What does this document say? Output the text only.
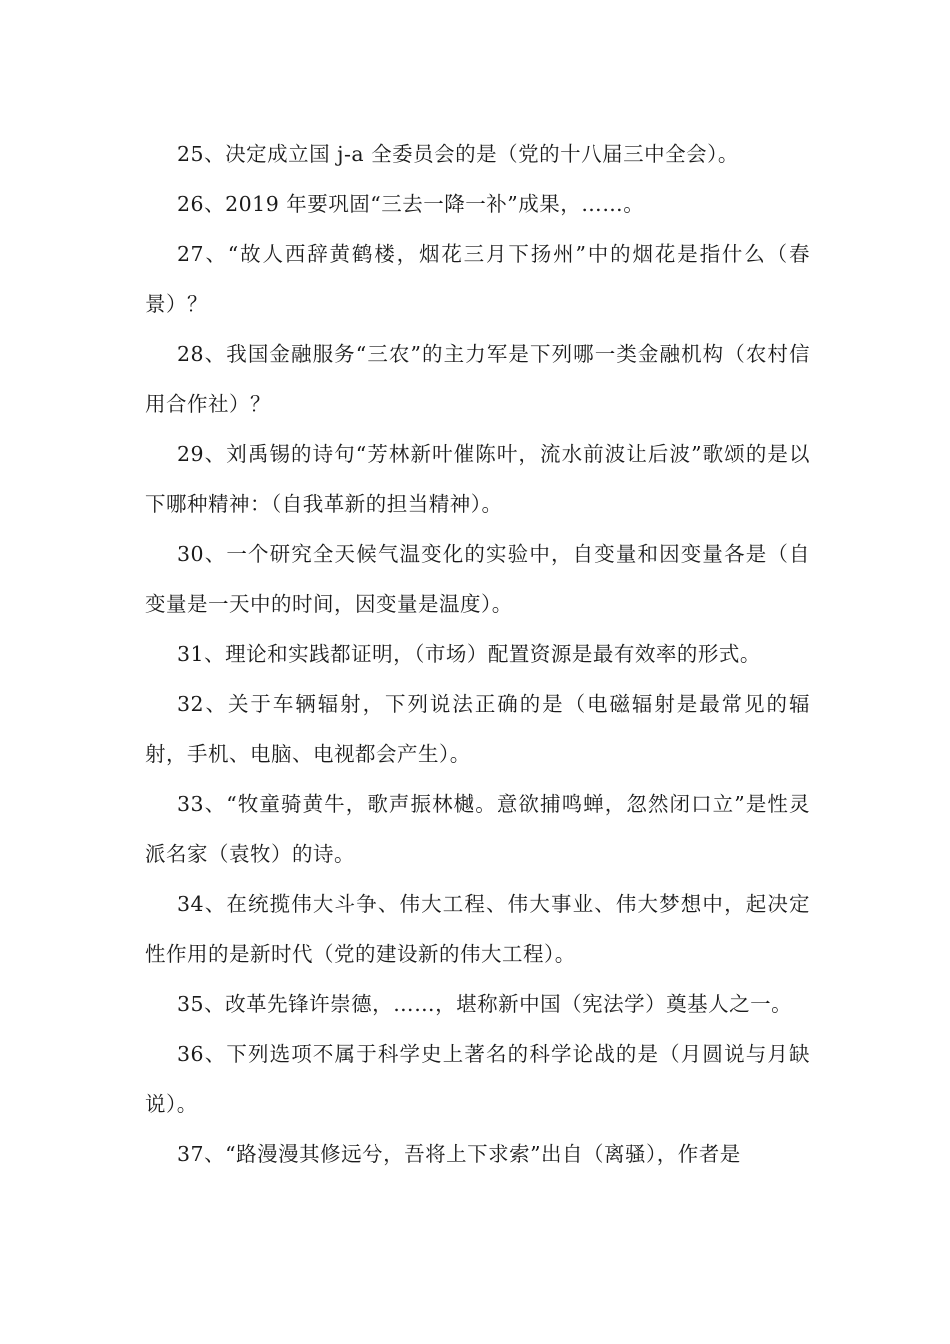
25、决定成立国 j-a 全委员会的是（党的十八届三中全会）。

26、2019 年要巩固“三去一降一补”成果，……。

27、“故人西辞黄鹤楼，烟花三月下扬州”中的烟花是指什么（春景）？

28、我国金融服务“三农”的主力军是下列哪一类金融机构（农村信用合作社）？

29、刘禹锡的诗句“芳林新叶催陈叶，流水前波让后波”歌颂的是以下哪种精神：（自我革新的担当精神）。

30、一个研究全天候气温变化的实验中，自变量和因变量各是（自变量是一天中的时间，因变量是温度）。

31、理论和实践都证明，（市场）配置资源是最有效率的形式。

32、关于车辆辐射，下列说法正确的是（电磁辐射是最常见的辐射，手机、电脑、电视都会产生）。

33、“牧童骑黄牛，歌声振林樾。意欲捕鸣蝉，忽然闭口立”是性灵派名家（袁牧）的诗。

34、在统揽伟大斗争、伟大工程、伟大事业、伟大梦想中，起决定性作用的是新时代（党的建设新的伟大工程）。

35、改革先锋许崇德，……，堪称新中国（宪法学）奠基人之一。

36、下列选项不属于科学史上著名的科学论战的是（月圆说与月缺说）。

37、“路漫漫其修远兮，吾将上下求索”出自（离骚），作者是
